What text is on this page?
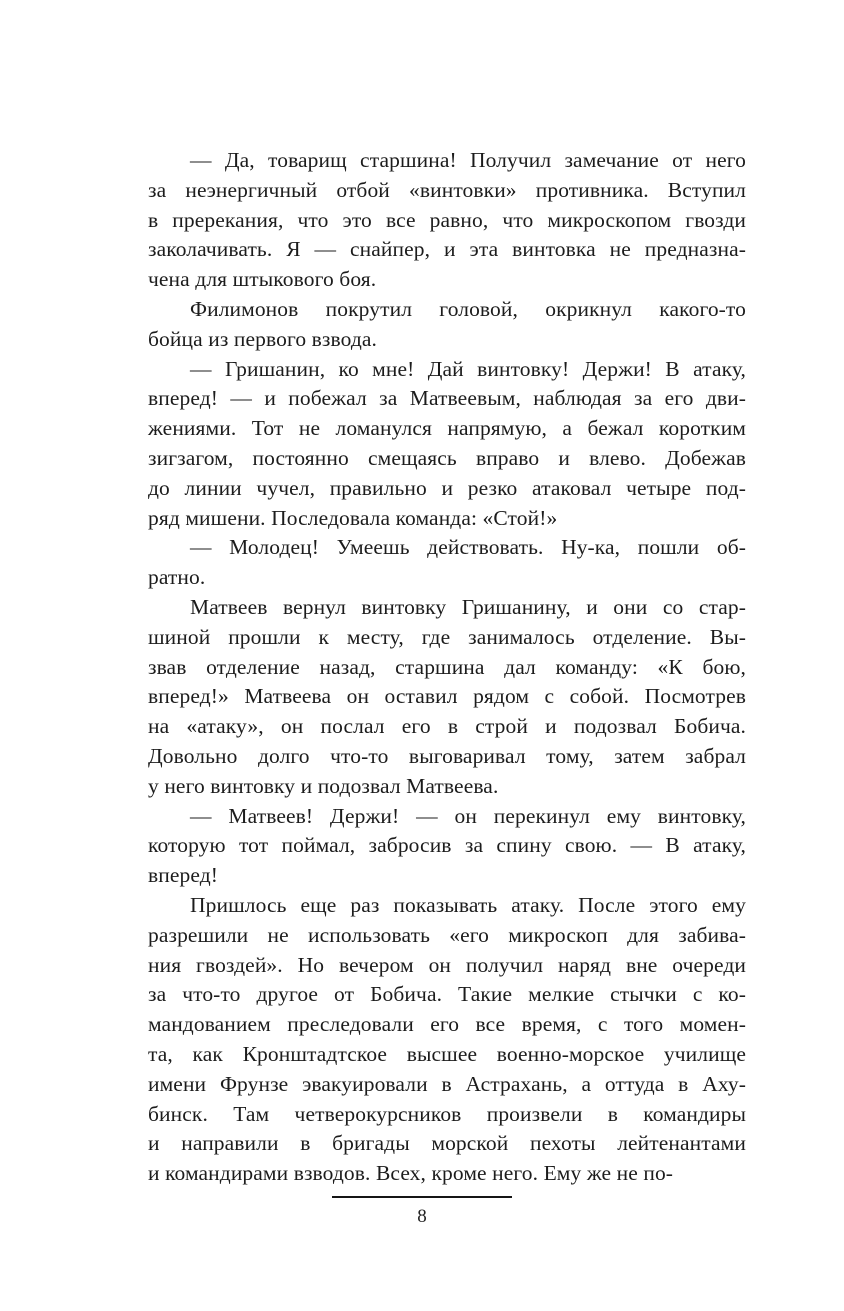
— Да, товарищ старшина! Получил замечание от него
за неэнергичный отбой «винтовки» противника. Вступил
в пререкания, что это все равно, что микроскопом гвозди
заколачивать. Я — снайпер, и эта винтовка не предназна-
чена для штыкового боя.
Филимонов покрутил головой, окрикнул какого-то
бойца из первого взвода.
— Гришанин, ко мне! Дай винтовку! Держи! В атаку,
вперед! — и побежал за Матвеевым, наблюдая за его дви-
жениями. Тот не ломанулся напрямую, а бежал коротким
зигзагом, постоянно смещаясь вправо и влево. Добежав
до линии чучел, правильно и резко атаковал четыре под-
ряд мишени. Последовала команда: «Стой!»
— Молодец! Умеешь действовать. Ну-ка, пошли об-
ратно.
Матвеев вернул винтовку Гришанину, и они со стар-
шиной прошли к месту, где занималось отделение. Вы-
звав отделение назад, старшина дал команду: «К бою,
вперед!» Матвеева он оставил рядом с собой. Посмотрев
на «атаку», он послал его в строй и подозвал Бобича.
Довольно долго что-то выговаривал тому, затем забрал
у него винтовку и подозвал Матвеева.
— Матвеев! Держи! — он перекинул ему винтовку,
которую тот поймал, забросив за спину свою. — В атаку,
вперед!
Пришлось еще раз показывать атаку. После этого ему
разрешили не использовать «его микроскоп для забива-
ния гвоздей». Но вечером он получил наряд вне очереди
за что-то другое от Бобича. Такие мелкие стычки с ко-
мандованием преследовали его все время, с того момен-
та, как Кронштадтское высшее военно-морское училище
имени Фрунзе эвакуировали в Астрахань, а оттуда в Аху-
бинск. Там четверокурсников произвели в командиры
и направили в бригады морской пехоты лейтенантами
и командирами взводов. Всех, кроме него. Ему же не по-
8
